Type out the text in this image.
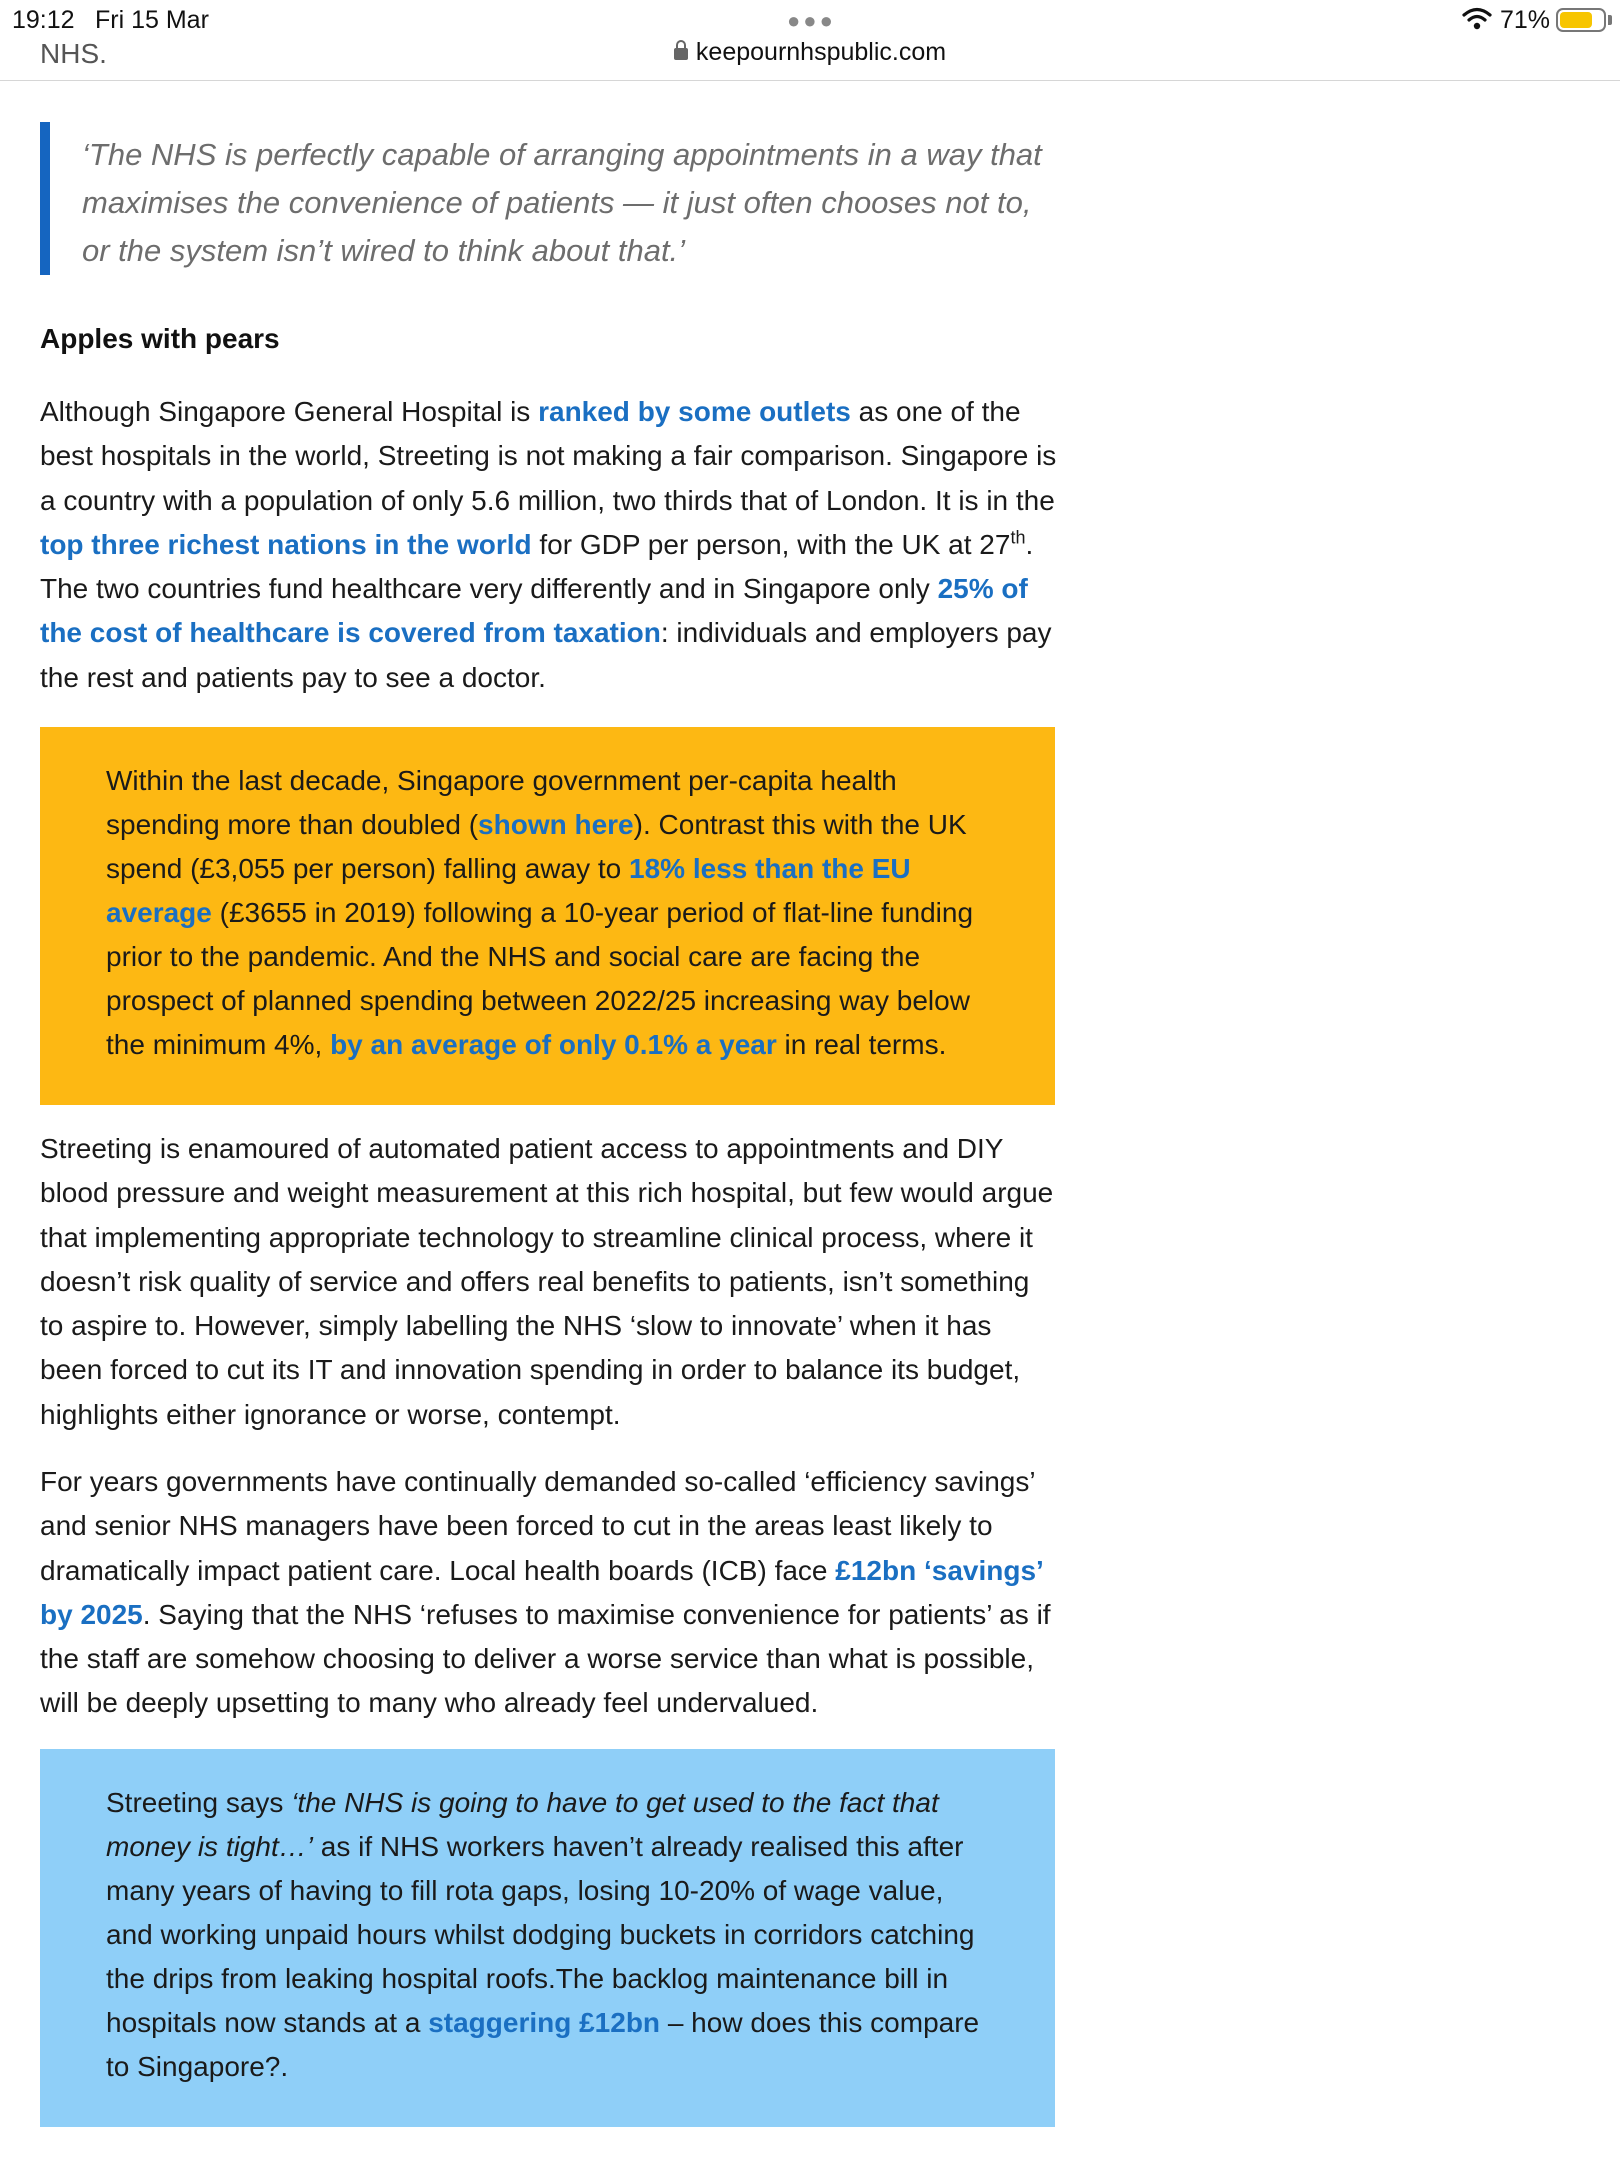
19:12 Fri 15 Mar	●●●	71%
keepournhspublic.com
NHS.

‘The NHS is perfectly capable of arranging appointments in a way that maximises the convenience of patients — it just often chooses not to, or the system isn’t wired to think about that.’

Apples with pears

Although Singapore General Hospital is ranked by some outlets as one of the best hospitals in the world, Streeting is not making a fair comparison. Singapore is a country with a population of only 5.6 million, two thirds that of London. It is in the top three richest nations in the world for GDP per person, with the UK at 27th. The two countries fund healthcare very differently and in Singapore only 25% of the cost of healthcare is covered from taxation: individuals and employers pay the rest and patients pay to see a doctor.

Within the last decade, Singapore government per-capita health spending more than doubled (shown here). Contrast this with the UK spend (£3,055 per person) falling away to 18% less than the EU average (£3655 in 2019) following a 10-year period of flat-line funding prior to the pandemic. And the NHS and social care are facing the prospect of planned spending between 2022/25 increasing way below the minimum 4%, by an average of only 0.1% a year in real terms.

Streeting is enamoured of automated patient access to appointments and DIY blood pressure and weight measurement at this rich hospital, but few would argue that implementing appropriate technology to streamline clinical process, where it doesn’t risk quality of service and offers real benefits to patients, isn’t something to aspire to. However, simply labelling the NHS ‘slow to innovate’ when it has been forced to cut its IT and innovation spending in order to balance its budget, highlights either ignorance or worse, contempt.

For years governments have continually demanded so-called ‘efficiency savings’ and senior NHS managers have been forced to cut in the areas least likely to dramatically impact patient care. Local health boards (ICB) face £12bn ‘savings’ by 2025. Saying that the NHS ‘refuses to maximise convenience for patients’ as if the staff are somehow choosing to deliver a worse service than what is possible, will be deeply upsetting to many who already feel undervalued.

Streeting says ‘the NHS is going to have to get used to the fact that money is tight…’ as if NHS workers haven’t already realised this after many years of having to fill rota gaps, losing 10-20% of wage value, and working unpaid hours whilst dodging buckets in corridors catching the drips from leaking hospital roofs.The backlog maintenance bill in hospitals now stands at a staggering £12bn – how does this compare to Singapore?.
